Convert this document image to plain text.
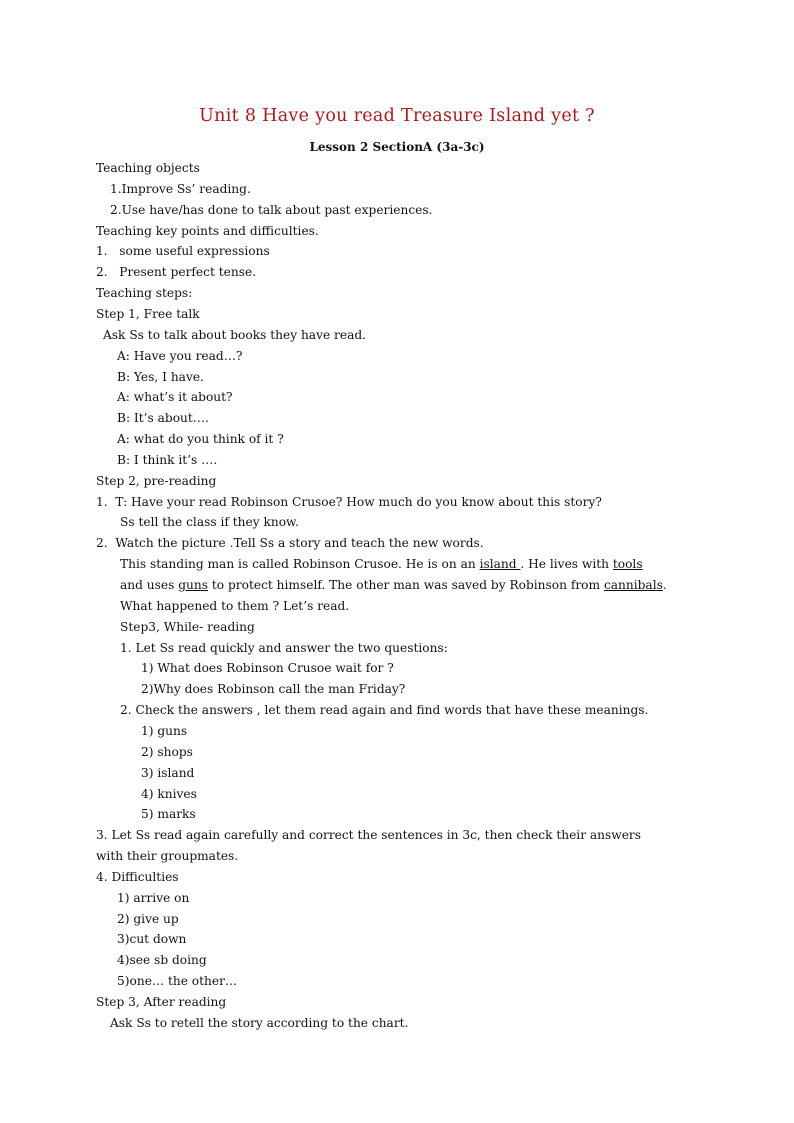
Unit 8 Have you read Treasure Island yet ?
Lesson 2 SectionA (3a-3c)
Teaching objects
1.Improve Ss’ reading.
2.Use have/has done to talk about past experiences.
Teaching key points and difficulties.
1.   some useful expressions
2.   Present perfect tense.
Teaching steps:
Step 1, Free talk
Ask Ss to talk about books they have read.
A: Have you read…?
B: Yes, I have.
A: what’s it about?
B: It’s about….
A: what do you think of it ?
B: I think it’s ….
Step 2, pre-reading
1.  T: Have your read Robinson Crusoe? How much do you know about this story?
Ss tell the class if they know.
2.  Watch the picture .Tell Ss a story and teach the new words.
This standing man is called Robinson Crusoe. He is on an island . He lives with tools
and uses guns to protect himself. The other man was saved by Robinson from cannibals.
What happened to them ? Let’s read.
Step3, While- reading
1. Let Ss read quickly and answer the two questions:
1) What does Robinson Crusoe wait for ?
2)Why does Robinson call the man Friday?
2. Check the answers , let them read again and find words that have these meanings.
1) guns
2) shops
3) island
4) knives
5) marks
3. Let Ss read again carefully and correct the sentences in 3c, then check their answers
with their groupmates.
4. Difficulties
1) arrive on
2) give up
3)cut down
4)see sb doing
5)one… the other…
Step 3, After reading
Ask Ss to retell the story according to the chart.
